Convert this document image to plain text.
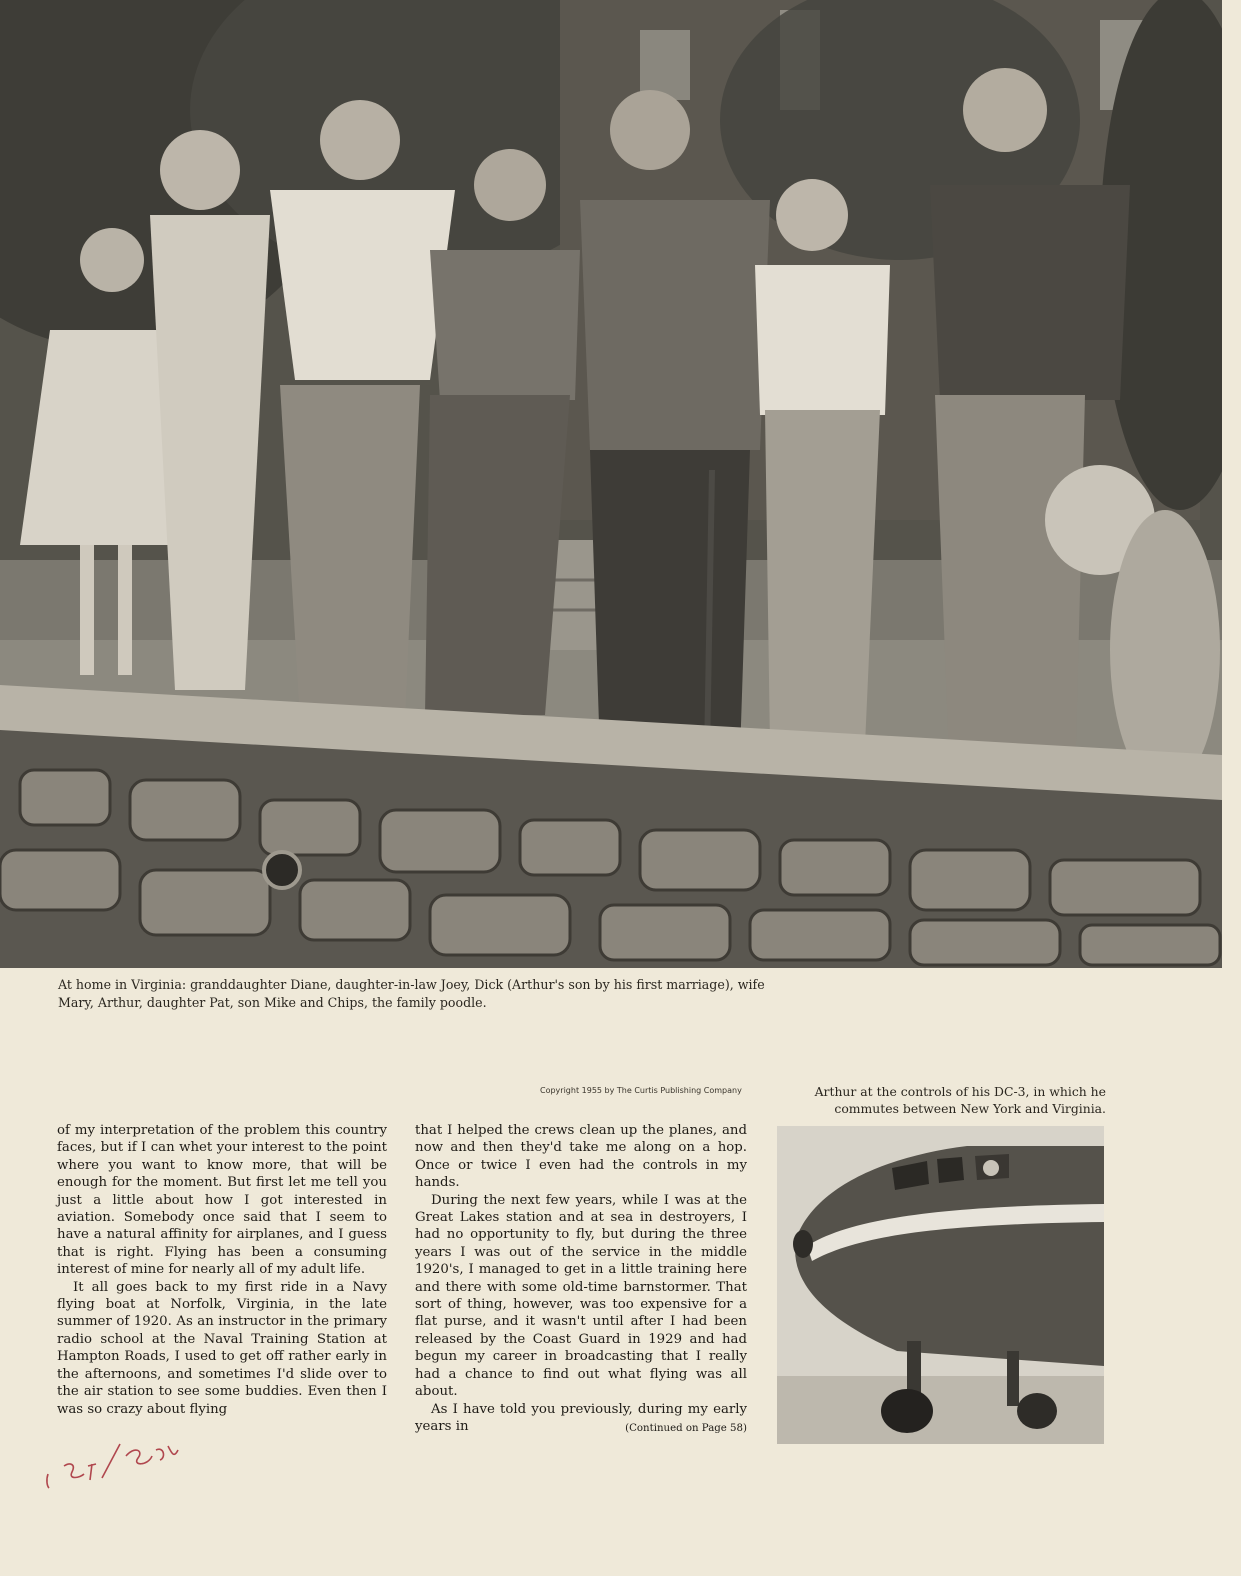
At home in Virginia: granddaughter Diane, daughter-in-law Joey, Dick (Arthur's son by his first marriage), wife Mary, Arthur, daughter Pat, son Mike and Chips, the family poodle.
Copyright 1955 by The Curtis Publishing Company	Arthur at the controls of his DC-3, in which he commutes between New York and Virginia.

of my interpretation of the problem this country faces, but if I can whet your interest to the point where you want to know more, that will be enough for the moment. But first let me tell you just a little about how I got interested in aviation. Somebody once said that I seem to have a natural affinity for airplanes, and I guess that is right. Flying has been a consuming interest of mine for nearly all of my adult life.

It all goes back to my first ride in a Navy flying boat at Norfolk, Virginia, in the late summer of 1920. As an instructor in the primary radio school at the Naval Training Station at Hampton Roads, I used to get off rather early in the afternoons, and sometimes I'd slide over to the air station to see some buddies. Even then I was so crazy about flying

that I helped the crews clean up the planes, and now and then they'd take me along on a hop. Once or twice I even had the controls in my hands.

During the next few years, while I was at the Great Lakes station and at sea in destroyers, I had no opportunity to fly, but during the three years I was out of the service in the middle 1920's, I managed to get in a little training here and there with some old-time barnstormer. That sort of thing, however, was too expensive for a flat purse, and it wasn't until after I had been released by the Coast Guard in 1929 and had begun my career in broadcasting that I really had a chance to find out what flying was all about.

As I have told you previously, during my early years in	(Continued on Page 58)
